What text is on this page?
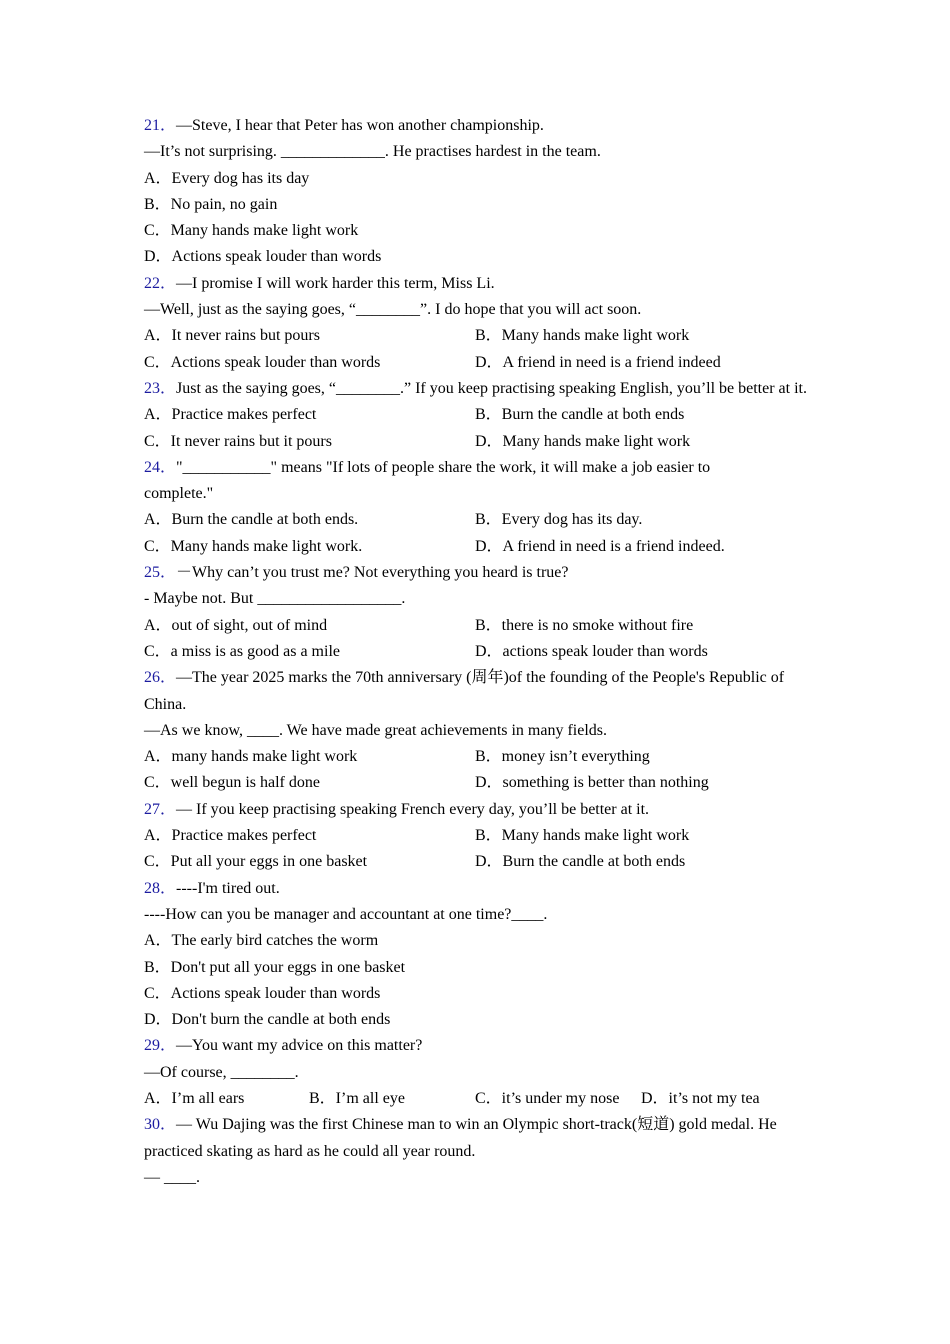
21．—Steve, I hear that Peter has won another championship.
—It’s not surprising. _____________. He practises hardest in the team.
A．Every dog has its day
B．No pain, no gain
C．Many hands make light work
D．Actions speak louder than words
22．—I promise I will work harder this term, Miss Li.
—Well, just as the saying goes, “________”. I do hope that you will act soon.
A．It never rains but pours	B．Many hands make light work
C．Actions speak louder than words	D．A friend in need is a friend indeed
23．Just as the saying goes, “________.” If you keep practising speaking English, you’ll be better at it.
A．Practice makes perfect	B．Burn the candle at both ends
C．It never rains but it pours	D．Many hands make light work
24．"___________" means "If lots of people share the work, it will make a job easier to complete."
A．Burn the candle at both ends.	B．Every dog has its day.
C．Many hands make light work.	D．A friend in need is a friend indeed.
25．－Why can’t you trust me? Not everything you heard is true?
- Maybe not. But __________________.
A．out of sight, out of mind	B．there is no smoke without fire
C．a miss is as good as a mile	D．actions speak louder than words
26．—The year 2025 marks the 70th anniversary (周年)of the founding of the People's Republic of China.
—As we know, ____. We have made great achievements in many fields.
A．many hands make light work	B．money isn’t everything
C．well begun is half done	D．something is better than nothing
27．— If you keep practising speaking French every day, you’ll be better at it.
A．Practice makes perfect	B．Many hands make light work
C．Put all your eggs in one basket	D．Burn the candle at both ends
28．----I'm tired out.
----How can you be manager and accountant at one time?____.
A．The early bird catches the worm
B．Don't put all your eggs in one basket
C．Actions speak louder than words
D．Don't burn the candle at both ends
29．—You want my advice on this matter?
—Of course, ________.
A．I’m all ears	B．I’m all eye	C．it’s under my nose	D．it’s not my tea
30．— Wu Dajing was the first Chinese man to win an Olympic short-track(短道) gold medal. He practiced skating as hard as he could all year round.
— ____.
